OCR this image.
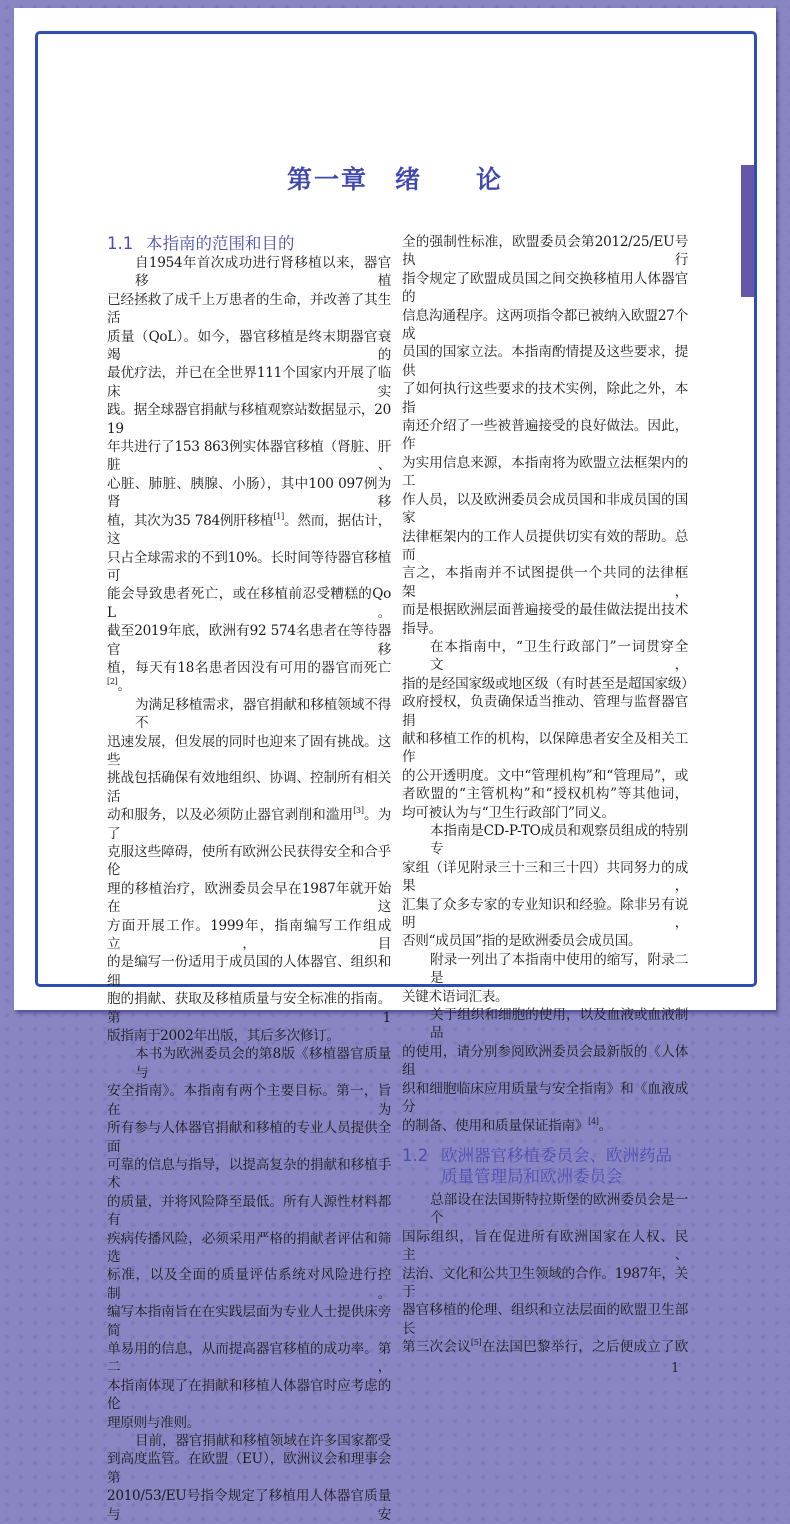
第一章　绪　　论
1.1 本指南的范围和目的
自1954年首次成功进行肾移植以来，器官移植
已经拯救了成千上万患者的生命，并改善了其生活
质量（QoL）。如今，器官移植是终末期器官衰竭的
最优疗法，并已在全世界111个国家内开展了临床实
践。据全球器官捐献与移植观察站数据显示，2019
年共进行了153 863例实体器官移植（肾脏、肝脏、
心脏、肺脏、胰腺、小肠），其中100 097例为肾移
植，其次为35 784例肝移植[1]。然而，据估计，这
只占全球需求的不到10%。长时间等待器官移植可
能会导致患者死亡，或在移植前忍受糟糕的QoL。
截至2019年底，欧洲有92 574名患者在等待器官移
植，每天有18名患者因没有可用的器官而死亡[2]。
为满足移植需求，器官捐献和移植领域不得不
迅速发展，但发展的同时也迎来了固有挑战。这些
挑战包括确保有效地组织、协调、控制所有相关活
动和服务，以及必须防止器官剥削和滥用[3]。为了
克服这些障碍，使所有欧洲公民获得安全和合乎伦
理的移植治疗，欧洲委员会早在1987年就开始在这
方面开展工作。1999年，指南编写工作组成立，目
的是编写一份适用于成员国的人体器官、组织和细
胞的捐献、获取及移植质量与安全标准的指南。第1
版指南于2002年出版，其后多次修订。
本书为欧洲委员会的第8版《移植器官质量与
安全指南》。本指南有两个主要目标。第一，旨在为
所有参与人体器官捐献和移植的专业人员提供全面
可靠的信息与指导，以提高复杂的捐献和移植手术
的质量，并将风险降至最低。所有人源性材料都有
疾病传播风险，必须采用严格的捐献者评估和筛选
标准，以及全面的质量评估系统对风险进行控制。
编写本指南旨在在实践层面为专业人士提供床旁简
单易用的信息，从而提高器官移植的成功率。第二，
本指南体现了在捐献和移植人体器官时应考虑的伦
理原则与准则。
目前，器官捐献和移植领域在许多国家都受
到高度监管。在欧盟（EU），欧洲议会和理事会第
2010/53/EU号指令规定了移植用人体器官质量与安
全的强制性标准，欧盟委员会第2012/25/EU号执行
指令规定了欧盟成员国之间交换移植用人体器官的
信息沟通程序。这两项指令都已被纳入欧盟27个成
员国的国家立法。本指南酌情提及这些要求，提供
了如何执行这些要求的技术实例，除此之外，本指
南还介绍了一些被普遍接受的良好做法。因此，作
为实用信息来源，本指南将为欧盟立法框架内的工
作人员，以及欧洲委员会成员国和非成员国的国家
法律框架内的工作人员提供切实有效的帮助。总而
言之，本指南并不试图提供一个共同的法律框架，
而是根据欧洲层面普遍接受的最佳做法提出技术
指导。
在本指南中，“卫生行政部门”一词贯穿全文，
指的是经国家级或地区级（有时甚至是超国家级）
政府授权，负责确保适当推动、管理与监督器官捐
献和移植工作的机构，以保障患者安全及相关工作
的公开透明度。文中“管理机构”和“管理局”，或
者欧盟的“主管机构”和“授权机构”等其他词，
均可被认为与“卫生行政部门”同义。
本指南是CD-P-TO成员和观察员组成的特别专
家组（详见附录三十三和三十四）共同努力的成果，
汇集了众多专家的专业知识和经验。除非另有说明，
否则“成员国”指的是欧洲委员会成员国。
附录一列出了本指南中使用的缩写，附录二是
关键术语词汇表。
关于组织和细胞的使用，以及血液或血液制品
的使用，请分别参阅欧洲委员会最新版的《人体组
织和细胞临床应用质量与安全指南》和《血液成分
的制备、使用和质量保证指南》[4]。
1.2 欧洲器官移植委员会、欧洲药品
质量管理局和欧洲委员会
总部设在法国斯特拉斯堡的欧洲委员会是一个
国际组织，旨在促进所有欧洲国家在人权、民主、
法治、文化和公共卫生领域的合作。1987年，关于
器官移植的伦理、组织和立法层面的欧盟卫生部长
第三次会议[5]在法国巴黎举行，之后便成立了欧
1
